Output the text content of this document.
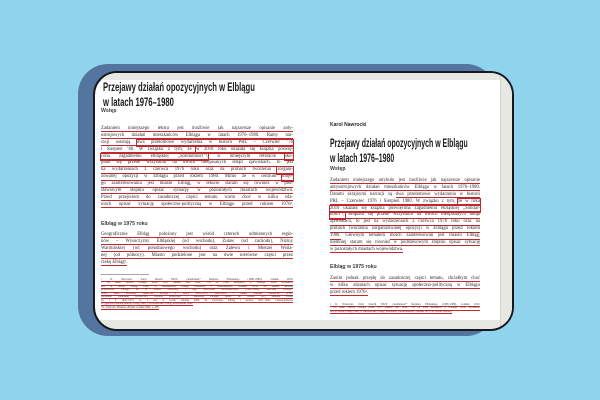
Przejawy działań opozycyjnych w Elblągu
w latach 1976–1980
Wstęp
Zadaniem niniejszego tekstu jest możliwie jak najszersze opisanie anty-
ustrojowych działań mieszkańców Elbląga w latach 1976–1980. Ramy nar-
racji ustalają dwa przełomowe wydarzenia w historii PRL – Czerwiec ’76
i Sierpień ’80. W związku z tym, że w 2010 roku ukazała się książka poświę-
cona zagadnieniu elbląskiej „Solidarności”¹, w niniejszym referacie sku-
piam się przede wszystkim na dwóch nieopisanych dotąd zjawiskach, to jest
na wydarzeniach z czerwca 1976 roku oraz na próbach tworzenia zorgani-
zowanej opozycji w Elblągu przed rokiem 1980. Mimo że w centrum moje-
go zainteresowania jest miasto Elbląg, w tekście staram się również w pod-
stawowym stopniu opisać sytuację w pozostałych miastach województwa.
Przed przejściem do zasadniczej części tematu warto choć w kilku zda-
niach opisać sytuację społeczno-polityczną w Elblągu przed rokiem 1976².
Elbląg w 1975 roku
Geograficznie Elbląg położony jest wśród czterech odmiennych regio-
nów – Wysoczyzny Elbląskiej (od wschodu), Żuław (od zachodu), Niziny
Warmińskiej (od południowego wschodu) oraz Zalewu i Mierzei Wiśla-
nej (od północy). Miasto podzielone jest na dwie nierówne części przez
rzekę Elbląg³.
¹ K. Nawrocki, Zarys historii NSZZ „Solidarność” Regionu Elbląskiego (1980–1989), Gdańsk 2010.
² Na temat historii Elbląga przed 1975 rokiem zob. m.in.: 750 lat Praw Miejskich w Elblągu. Zbiór artykułów,
red. A. Groth, Elbląg 1998; S. Gierszewski, Elbląg. Przeszłość i teraźniejszość, Gdańsk 1970; M. Golon, Rozwój
gospodarczy Elbląga po II wojnie światowej i jego polityczne uwarunkowania (1945–1989), „Rocznik Elbląski”
2006, idem, Problemy społeczne Elbląga w latach 1950–1970, bezrobocie i trudne warunki osadnicze, NSZZ
Biblioteki Gdańskiej 02-900/905, Historia polityczna i samorząd Elbląga, oprac. M. Golon, [w:] Historia Elblą-
ga, t. 5, 1945–1975, cz. 1, red. A. Groth, Gdańsk 2006; M. Józefczyk, Elbląg i okolice 1937–1956. Chrześcijaństwo
w tyglu dwu totalitaryzmów, Elbląg 1998; J. Kowalewska, Elbląg. Przewodnik 1946.
³ K. Tomczyk, Bedeker elbląski, Gdańsk 2000, s. 168.
Karol Nawrocki
Przejawy działań opozycyjnych w Elblągu
w latach 1976–1980
Wstęp
Zadaniem niniejszego artykułu jest możliwie jak najszersze opisanie
antyustrojowych działań mieszkańców Elbląga w latach 1976–1980.
Datami skrajnymi narracji są dwa przełomowe wydarzenia w historii
PRL – Czerwiec 1976 i Sierpień 1980. W związku z tym, że w roku
2010 ukazała się książka poświęcona zagadnieniu elbląskiej „Solidar-
ności”¹, skupiam się przede wszystkim na dwóch nieopisanych dotąd
zjawiskach, to jest na wydarzeniach z czerwca 1976 roku oraz na
próbach tworzenia zorganizowanej opozycji w Elblągu przed rokiem
1980. Głównym tematem moich zainteresowań jest miasto Elbląg,
niemniej staram się również w podstawowym stopniu opisać sytuację
w pozostałych miastach województwa.
Elbląg w 1975 roku
Zanim jednak przejdę do zasadniczej części tematu, chciałbym choć
w kilku zdaniach opisać sytuację społeczno-polityczną w Elblągu
przed rokiem 1976².
¹ K. Nawrocki, Zarys historii NSZZ „Solidarność” Regionu Elbląskiego (1980–1989), Gdańsk 2010.
² Na temat historii Elbląga przed 1975 rokiem zob. m.in.: 750 lat Praw Miejskich w Elblągu. Zbiór artykułów,
red. A. Groth, Elbląg 1998; S. Gierszewski, Elbląg. Przeszłość i teraźniejszość, Gdańsk 1970; M. Golon, Rozwój
